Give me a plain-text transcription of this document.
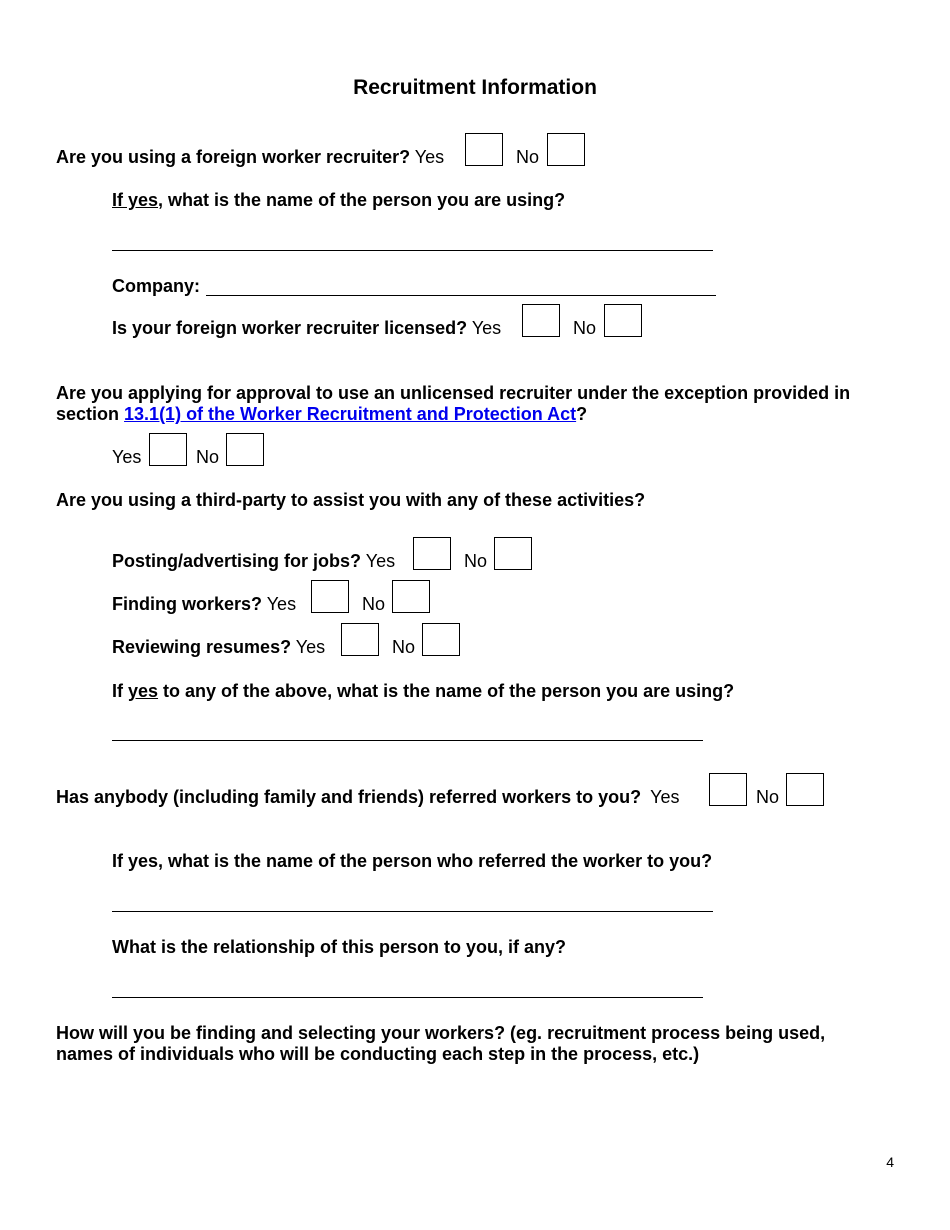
Recruitment Information
Are you using a foreign worker recruiter? Yes	No
If yes, what is the name of the person you are using?
Company:
Is your foreign worker recruiter licensed? Yes	No
Are you applying for approval to use an unlicensed recruiter under the exception provided in
section 13.1(1) of the Worker Recruitment and Protection Act?
Yes	No
Are you using a third-party to assist you with any of these activities?
Posting/advertising for jobs? Yes	No
Finding workers? Yes	No
Reviewing resumes? Yes	No
If yes to any of the above, what is the name of the person you are using?
Has anybody (including family and friends) referred workers to you? Yes	No
If yes, what is the name of the person who referred the worker to you?
What is the relationship of this person to you, if any?
How will you be finding and selecting your workers? (eg. recruitment process being used,
names of individuals who will be conducting each step in the process, etc.)
4
